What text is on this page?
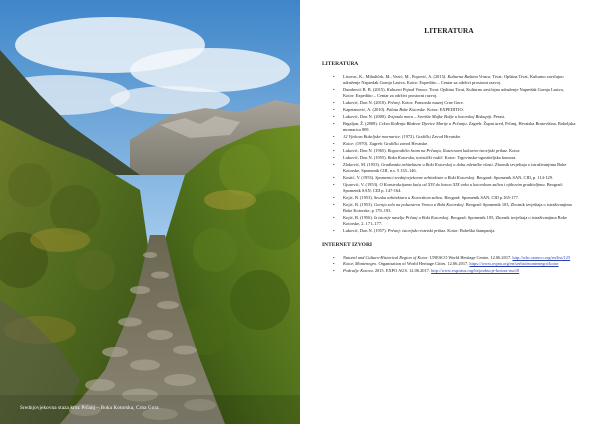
Srednjovjekovna staza kroz Prčanj – Boka Kotorska, Crna Gora
LITERATURA
LITERATURA
• Lisovac, K., Mihaliček, M., Vezić, M., Popović, A. (2015). Kulturna Baština Vrmca. Tivat: Opština Tivat, Kulturno zavičajno udruženje Napredak Gornja Lastva, Kotor: Expeditio – Centar za održivi prostorni razvoj.
• Dumbović B. B. (2015). Kulturni Pejzaž Vrmca. Tivat: Opština Tivat, Kulturno zavičajno udruženje Napredak Gornja Lastva, Kotor: Expeditio – Centar za održivi prostorni razvoj.
• Luković, Don N. (2010). Prčanj. Kotor: Pomorski muzej Crne Gore.
• Kapetanović, A. (2010). Palata Boke Kotorske. Kotor: EXPEDITIO.
• Luković, Don N. (2000). Zvijezda mora – Svetište Majke Božje u kotorskoj Biskupiji. Perast.
• Brgalјan, Ž. (2008). Crkva Rođenja Blažene Djevice Marije u Prčanju. Zagreb: Župni ured, Prčanj, Hrvatska Bratovština, Bokeljska mornarica 809.
• 12 Vjekova Bokeljske mornarice. (1972). Grafički Zavod Hrvatske.
• Kotor. (1970). Zagreb: Grafički zavod Hrvatske.
• Luković, Don N. (1965). Bogorodičin hram na Prčanju, Ilustrovani kulturno-istorijski prikaz. Kotor.
• Luković, Don N. (1955). Boka Kotorska, turistički vodič. Kotor: Trgovinsko-ugostiteljska komora.
• Zloković, M. (1953). Građanska arhitektura u Boki Kotorskoj u doba mletačke vlasti. Zbornik izvještaja o istraživanjima Boke Kotorske, Spomenik CIII, n.s. 5 135–146.
• Kostić, V. (1953). Spomenici srednjovjekovne arhitekture u Boki Kotorskoj. Beograd: Spomenik SAN, CIII, p. 114-129.
• Gjurović, V. (1953). O Konstrukcijama kuća od XVI do konca XIX veka u kotorskom zaliva i njihovim graditeljima. Beograd: Spomenik SAN, CIII p. 147-164.
• Kojić, B. (1953). Seoska arhitektura u Kotorskom zalivu. Beograd: Spomenik SAN, CIII p.165-177.
• Kojić, B. (1953). Gornja sela na poluostrvu Vrmcu u Boki Kotorskoj. Beograd: Spomenik 103, Zbornik izvještaja o istraživanjima Boke Kotorske, p 179–193.
• Kojić, B. (1956). Iz istorije naselja Prčanj u Boki Kotorskoj. Beograd: Spomenik 105, Zbornik izvještaja o istraživanjima Boke Kotorske, 2. 171–177.
• Luković, Don N. (1957). Prčanj: istorijsko-estetski prikaz. Kotor: Bokeška štamparija.
INTERNET IZVORI
• Natural and Culturo-Historical Region of Kotor. UNESCO World Heritage Centre. 12.06.2017. http://whc.unesco.org/en/list/125
• Kotor, Montenegro. Organisation of World Heritage Cities. 12.06.2017. https://www.ovpm.org/en/serbia/montenegro/kotor
• Područje Kotora. 2015. EXPO AUS. 12.06.2017. http://www.expoaus.org/hr/podrucje-kotora-uso10
